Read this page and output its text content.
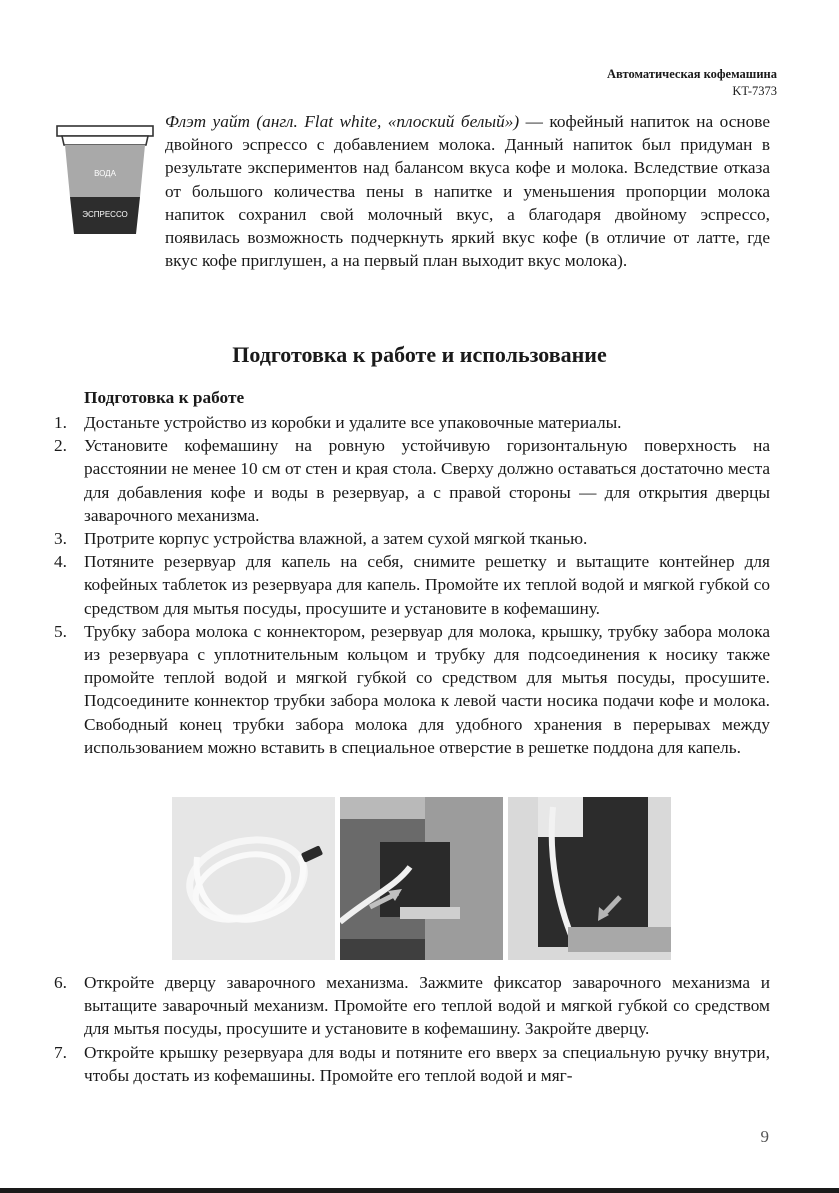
Автоматическая кофемашина
KT-7373
ВОДА
ЭСПРЕССО
Флэт уайт (англ. Flat white, «плоский белый») — кофейный напиток на основе двойного эспрессо с добавлением молока. Данный напиток был придуман в результате экспериментов над балансом вкуса кофе и молока. Вследствие отказа от большого количества пены в напитке и уменьшения пропорции молока напиток сохранил свой молочный вкус, а благодаря двойному эспрессо, появилась возможность подчеркнуть яркий вкус кофе (в отличие от латте, где вкус кофе приглушен, а на первый план выходит вкус молока).
Подготовка к работе и использование
Подготовка к работе
1. Достаньте устройство из коробки и удалите все упаковочные материалы.
2. Установите кофемашину на ровную устойчивую горизонтальную поверхность на расстоянии не менее 10 см от стен и края стола. Сверху должно оставаться достаточно места для добавления кофе и воды в резервуар, а с правой стороны — для открытия дверцы заварочного механизма.
3. Протрите корпус устройства влажной, а затем сухой мягкой тканью.
4. Потяните резервуар для капель на себя, снимите решетку и вытащите контейнер для кофейных таблеток из резервуара для капель. Промойте их теплой водой и мягкой губкой со средством для мытья посуды, просушите и установите в кофемашину.
5. Трубку забора молока с коннектором, резервуар для молока, крышку, трубку забора молока из резервуара с уплотнительным кольцом и трубку для подсоединения к носику также промойте теплой водой и мягкой губкой со средством для мытья посуды, просушите. Подсоедините коннектор трубки забора молока к левой части носика подачи кофе и молока. Свободный конец трубки забора молока для удобного хранения в перерывах между использованием можно вставить в специальное отверстие в решетке поддона для капель.
6. Откройте дверцу заварочного механизма. Зажмите фиксатор заварочного механизма и вытащите заварочный механизм. Промойте его теплой водой и мягкой губкой со средством для мытья посуды, просушите и установите в кофемашину. Закройте дверцу.
7. Откройте крышку резервуара для воды и потяните его вверх за специальную ручку внутри, чтобы достать из кофемашины. Промойте его теплой водой и мяг-
9
